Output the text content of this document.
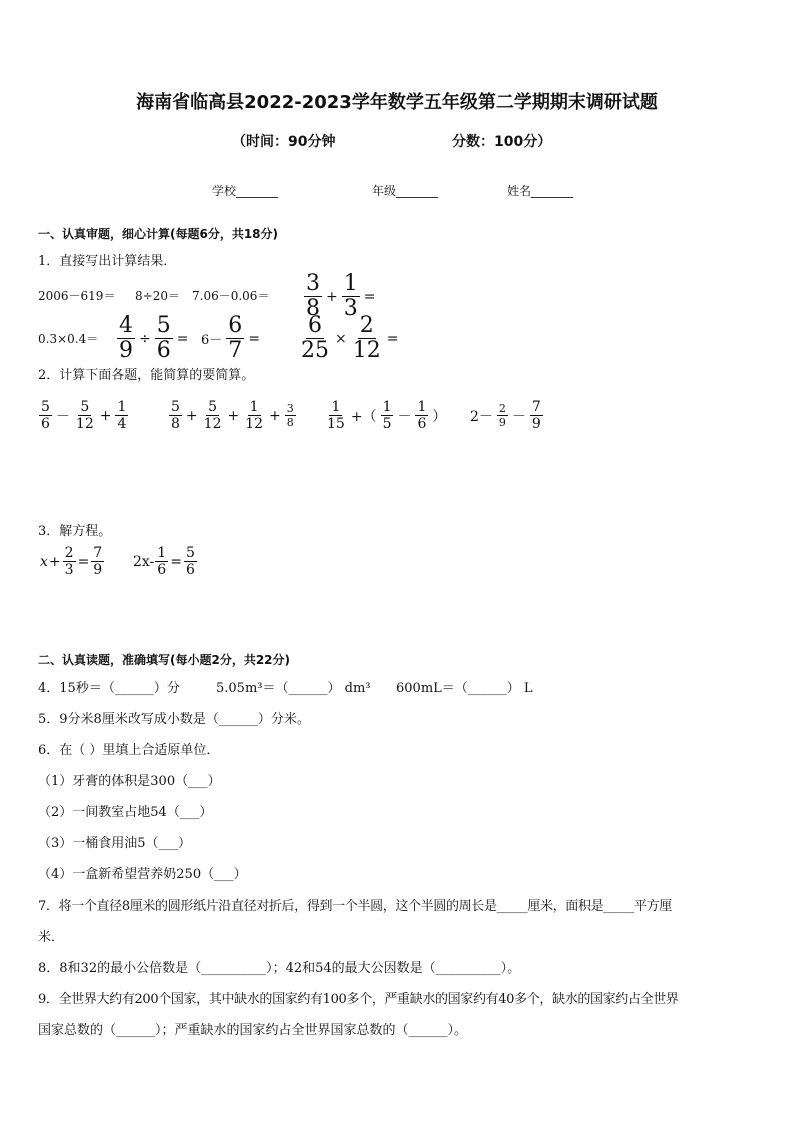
海南省临高县2022-2023学年数学五年级第二学期期末调研试题
（时间：90分钟	分数：100分）
学校_______	年级_______	姓名_______
一、认真审题，细心计算(每题6分，共18分)
1．直接写出计算结果．
$2006-619= 8\div 20= 7.06-0.06= \frac{3}{8} + \frac{1}{3}$ =
$0.3\times 0.4= \frac{4}{9} \div \frac{5}{6} = 6- \frac{6}{7} = \frac{6}{25} \times \frac{2}{12}$ =
2．计算下面各题，能简算的要简算。
$\frac{5}{6} - \frac{5}{12} + \frac{1}{4}$	$\frac{5}{8} + \frac{5}{12} + \frac{1}{12} + \frac{3}{8} \frac{1}{15}$ +（ $\frac{1}{5} - \frac{1}{6}$ ） $2- \frac{2}{9} - \frac{7}{9}$
3．解方程。
$x + \frac{2}{3} = \frac{7}{9} 2x- \frac{1}{6} = \frac{5}{6}$
二、认真读题，准确填写(每小题2分，共22分)
4．15秒＝（______）分	5.05m³＝（______） dm³ 600mL＝（______） L
5．9分米8厘米改写成小数是（______）分米。
6．在（ ）里填上合适原单位．
（1）牙膏的体积是300（___）
（2）一间教室占地54（___）
（3）一桶食用油5（___）
（4）一盒新希望营养奶250（___）
7．将一个直径8厘米的圆形纸片沿直径对折后，得到一个半圆，这个半圆的周长是_____厘米，面积是_____平方厘
米．
8．8和32的最小公倍数是（__________）；42和54的最大公因数是（__________）。
9．全世界大约有200个国家，其中缺水的国家约有100多个，严重缺水的国家约有40多个，缺水的国家约占全世界
国家总数的（______）；严重缺水的国家约占全世界国家总数的（______）。
